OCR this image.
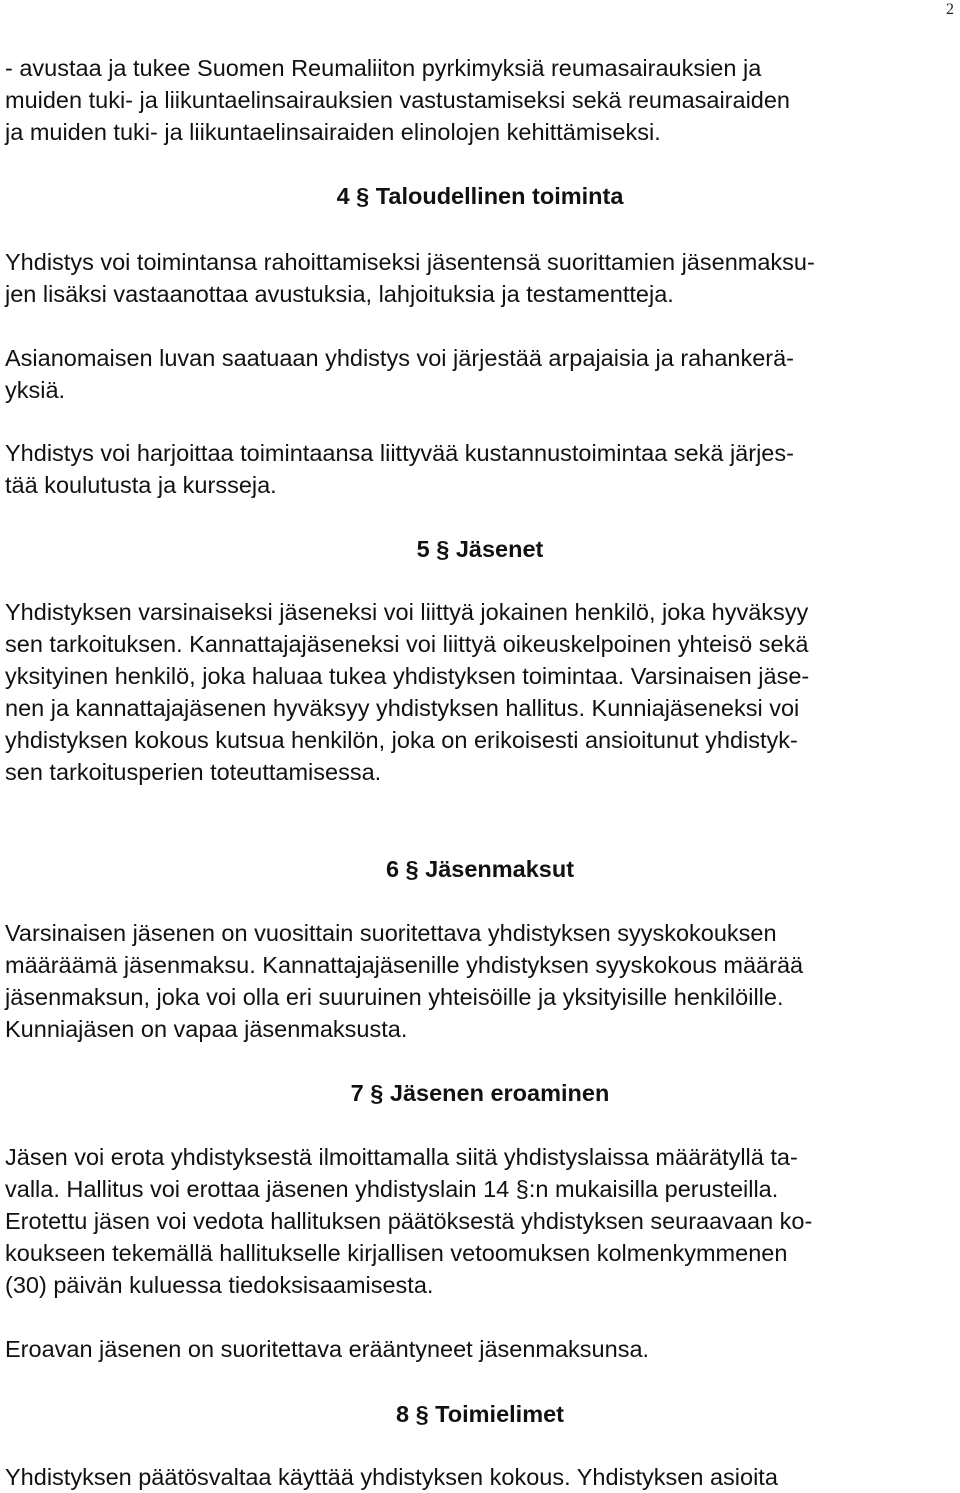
2
- avustaa ja tukee Suomen Reumaliiton pyrkimyksiä reumasairauksien ja
muiden tuki- ja liikuntaelinsairauksien vastustamiseksi sekä reumasairaiden
ja muiden tuki- ja liikuntaelinsairaiden elinolojen kehittämiseksi.
4 § Taloudellinen toiminta
Yhdistys voi toimintansa rahoittamiseksi jäsentensä suorittamien jäsenmaksu-
jen lisäksi vastaanottaa avustuksia, lahjoituksia ja testamentteja.
Asianomaisen luvan saatuaan yhdistys voi järjestää arpajaisia ja rahankerä-
yksiä.
Yhdistys voi harjoittaa toimintaansa liittyvää kustannustoimintaa sekä järjes-
tää koulutusta ja kursseja.
5 § Jäsenet
Yhdistyksen varsinaiseksi jäseneksi voi liittyä jokainen henkilö, joka hyväksyy
sen tarkoituksen. Kannattajajäseneksi voi liittyä oikeuskelpoinen yhteisö sekä
yksityinen henkilö, joka haluaa tukea yhdistyksen toimintaa. Varsinaisen jäse-
nen ja kannattajajäsenen hyväksyy yhdistyksen hallitus. Kunniajäseneksi voi
yhdistyksen kokous kutsua henkilön, joka on erikoisesti ansioitunut yhdistyk-
sen tarkoitusperien toteuttamisessa.
6 § Jäsenmaksut
Varsinaisen jäsenen on vuosittain suoritettava yhdistyksen syyskokouksen
määräämä jäsenmaksu. Kannattajajäsenille yhdistyksen syyskokous määrää
jäsenmaksun, joka voi olla eri suuruinen yhteisöille ja yksityisille henkilöille.
Kunniajäsen on vapaa jäsenmaksusta.
7 § Jäsenen eroaminen
Jäsen voi erota yhdistyksestä ilmoittamalla siitä yhdistyslaissa määrätyllä ta-
valla. Hallitus voi erottaa jäsenen yhdistyslain 14 §:n mukaisilla perusteilla.
Erotettu jäsen voi vedota hallituksen päätöksestä yhdistyksen seuraavaan ko-
koukseen tekemällä hallitukselle kirjallisen vetoomuksen kolmenkymmenen
(30) päivän kuluessa tiedoksisaamisesta.
Eroavan jäsenen on suoritettava erääntyneet jäsenmaksunsa.
8 § Toimielimet
Yhdistyksen päätösvaltaa käyttää yhdistyksen kokous. Yhdistyksen asioita
